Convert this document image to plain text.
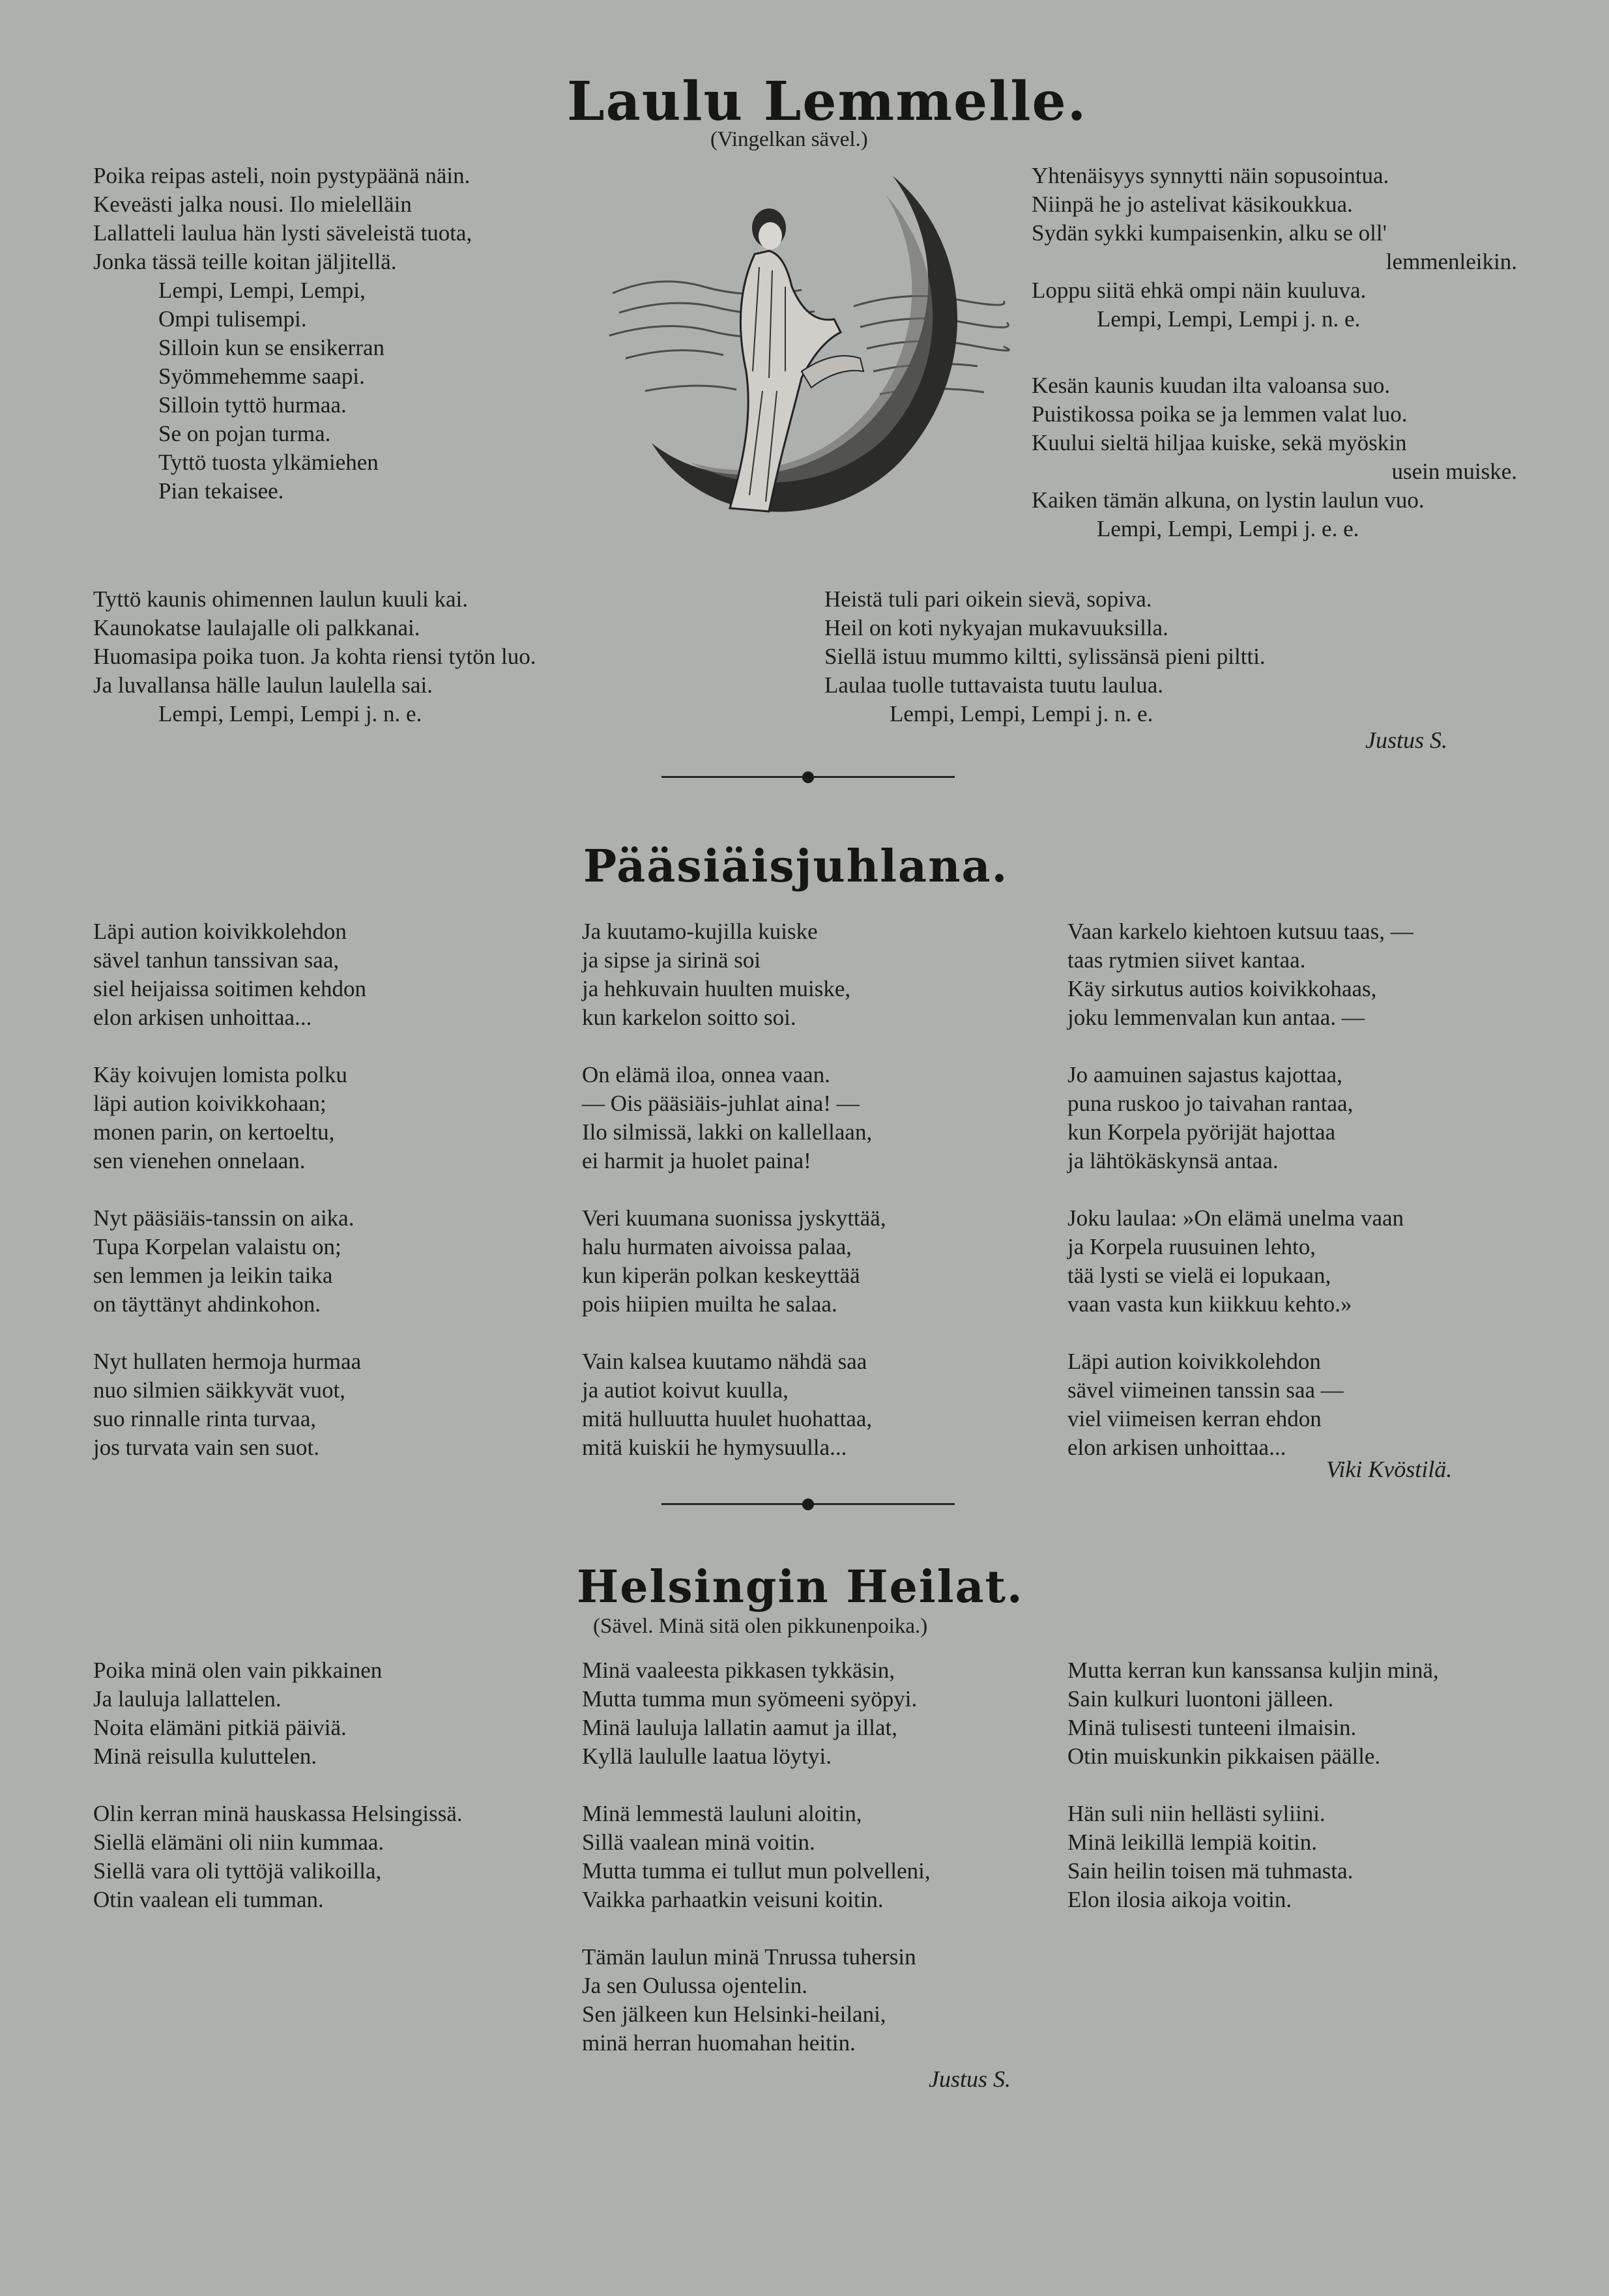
Laulu Lemmelle.
(Vingelkan sävel.)
Poika reipas asteli, noin pystypäänä näin.
Keveästi jalka nousi. Ilo mielelläin
Lallatteli laulua hän lysti säveleistä tuota,
Jonka tässä teille koitan jäljitellä.
Lempi, Lempi, Lempi,
Ompi tulisempi.
Silloin kun se ensikerran
Syömmehemme saapi.
Silloin tyttö hurmaa.
Se on pojan turma.
Tyttö tuosta ylkämiehen
Pian tekaisee.
Yhtenäisyys synnytti näin sopusointua.
Niinpä he jo astelivat käsikoukkua.
Sydän sykki kumpaisenkin, alku se oll'
lemmenleikin.
Loppu siitä ehkä ompi näin kuuluva.
Lempi, Lempi, Lempi j. n. e.
Kesän kaunis kuudan ilta valoansa suo.
Puistikossa poika se ja lemmen valat luo.
Kuului sieltä hiljaa kuiske, sekä myöskin
usein muiske.
Kaiken tämän alkuna, on lystin laulun vuo.
Lempi, Lempi, Lempi j. e. e.
Tyttö kaunis ohimennen laulun kuuli kai.
Kaunokatse laulajalle oli palkkanai.
Huomasipa poika tuon. Ja kohta riensi tytön luo.
Ja luvallansa hälle laulun laulella sai.
Lempi, Lempi, Lempi j. n. e.
Heistä tuli pari oikein sievä, sopiva.
Heil on koti nykyajan mukavuuksilla.
Siellä istuu mummo kiltti, sylissänsä pieni piltti.
Laulaa tuolle tuttavaista tuutu laulua.
Lempi, Lempi, Lempi j. n. e.
Justus S.
Pääsiäisjuhlana.
Läpi aution koivikkolehdon
sävel tanhun tanssivan saa,
siel heijaissa soitimen kehdon
elon arkisen unhoittaa...
Käy koivujen lomista polku
läpi aution koivikkohaan;
monen parin, on kertoeltu,
sen vienehen onnelaan.
Nyt pääsiäis-tanssin on aika.
Tupa Korpelan valaistu on;
sen lemmen ja leikin taika
on täyttänyt ahdinkohon.
Nyt hullaten hermoja hurmaa
nuo silmien säikkyvät vuot,
suo rinnalle rinta turvaa,
jos turvata vain sen suot.
Ja kuutamo-kujilla kuiske
ja sipse ja sirinä soi
ja hehkuvain huulten muiske,
kun karkelon soitto soi.
On elämä iloa, onnea vaan.
— Ois pääsiäis-juhlat aina! —
Ilo silmissä, lakki on kallellaan,
ei harmit ja huolet paina!
Veri kuumana suonissa jyskyttää,
halu hurmaten aivoissa palaa,
kun kiperän polkan keskeyttää
pois hiipien muilta he salaa.
Vain kalsea kuutamo nähdä saa
ja autiot koivut kuulla,
mitä hulluutta huulet huohattaa,
mitä kuiskii he hymysuulla...
Vaan karkelo kiehtoen kutsuu taas, —
taas rytmien siivet kantaa.
Käy sirkutus autios koivikkohaas,
joku lemmenvalan kun antaa. —
Jo aamuinen sajastus kajottaa,
puna ruskoo jo taivahan rantaa,
kun Korpela pyörijät hajottaa
ja lähtökäskynsä antaa.
Joku laulaa: »On elämä unelma vaan
ja Korpela ruusuinen lehto,
tää lysti se vielä ei lopukaan,
vaan vasta kun kiikkuu kehto.»
Läpi aution koivikkolehdon
sävel viimeinen tanssin saa —
viel viimeisen kerran ehdon
elon arkisen unhoittaa...
Viki Kvöstilä.
Helsingin Heilat.
(Sävel. Minä sitä olen pikkunenpoika.)
Poika minä olen vain pikkainen
Ja lauluja lallattelen.
Noita elämäni pitkiä päiviä.
Minä reisulla kuluttelen.
Olin kerran minä hauskassa Helsingissä.
Siellä elämäni oli niin kummaa.
Siellä vara oli tyttöjä valikoilla,
Otin vaalean eli tumman.
Minä vaaleesta pikkasen tykkäsin,
Mutta tumma mun syömeeni syöpyi.
Minä lauluja lallatin aamut ja illat,
Kyllä laululle laatua löytyi.
Minä lemmestä lauluni aloitin,
Sillä vaalean minä voitin.
Mutta tumma ei tullut mun polvelleni,
Vaikka parhaatkin veisuni koitin.
Tämän laulun minä Tnrussa tuhersin
Ja sen Oulussa ojentelin.
Sen jälkeen kun Helsinki-heilani,
minä herran huomahan heitin.
Mutta kerran kun kanssansa kuljin minä,
Sain kulkuri luontoni jälleen.
Minä tulisesti tunteeni ilmaisin.
Otin muiskunkin pikkaisen päälle.
Hän suli niin hellästi syliini.
Minä leikillä lempiä koitin.
Sain heilin toisen mä tuhmasta.
Elon ilosia aikoja voitin.
Justus S.
